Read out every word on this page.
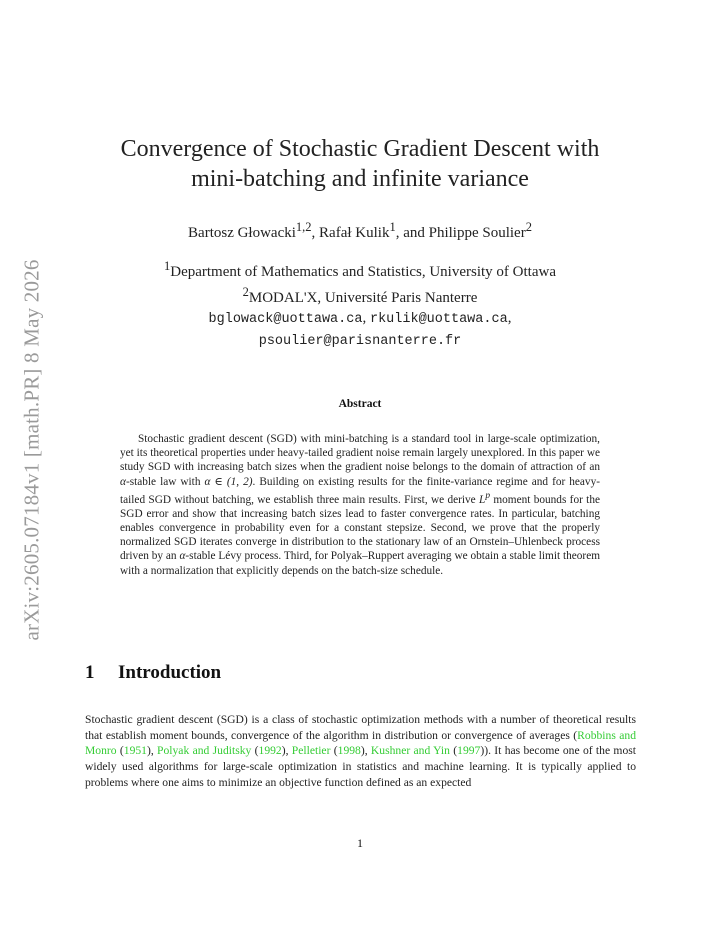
arXiv:2605.07184v1 [math.PR] 8 May 2026
Convergence of Stochastic Gradient Descent with
mini-batching and infinite variance
Bartosz Głowacki$^{1,2}$, Rafał Kulik$^1$, and Philippe Soulier$^2$
$^1$Department of Mathematics and Statistics, University of Ottawa
$^2$MODAL'X, Université Paris Nanterre
bglowack@uottawa.ca, rkulik@uottawa.ca,
psoulier@parisnanterre.fr
Abstract
Stochastic gradient descent (SGD) with mini-batching is a standard tool in large-scale optimization, yet its theoretical properties under heavy-tailed gradient noise remain largely unexplored. In this paper we study SGD with increasing batch sizes when the gradient noise belongs to the domain of attraction of an α-stable law with α ∈ (1, 2). Building on existing results for the finite-variance regime and for heavy-tailed SGD without batching, we establish three main results. First, we derive $L^p$ moment bounds for the SGD error and show that increasing batch sizes lead to faster convergence rates. In particular, batching enables convergence in probability even for a constant stepsize. Second, we prove that the properly normalized SGD iterates converge in distribution to the stationary law of an Ornstein–Uhlenbeck process driven by an α-stable Lévy process. Third, for Polyak–Ruppert averaging we obtain a stable limit theorem with a normalization that explicitly depends on the batch-size schedule.
1 Introduction
Stochastic gradient descent (SGD) is a class of stochastic optimization methods with a number of theoretical results that establish moment bounds, convergence of the algorithm in distribution or convergence of averages (Robbins and Monro (1951), Polyak and Juditsky (1992), Pelletier (1998), Kushner and Yin (1997)). It has become one of the most widely used algorithms for large-scale optimization in statistics and machine learning. It is typically applied to problems where one aims to minimize an objective function defined as an expected
1
